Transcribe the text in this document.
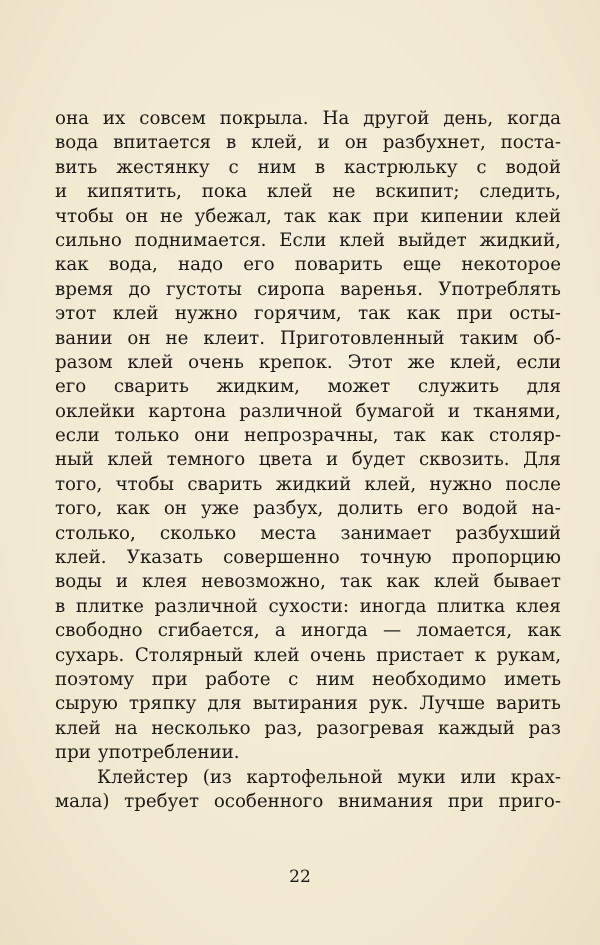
она их совсем покрыла. На другой день, когда
вода впитается в клей, и он разбухнет, поста-
вить жестянку с ним в кастрюльку с водой
и кипятить, пока клей не вскипит; следить,
чтобы он не убежал, так как при кипении клей
сильно поднимается. Если клей выйдет жидкий,
как вода, надо его поварить еще некоторое
время до густоты сиропа варенья. Употреблять
этот клей нужно горячим, так как при осты-
вании он не клеит. Приготовленный таким об-
разом клей очень крепок. Этот же клей, если
его сварить жидким, может служить для
оклейки картона различной бумагой и тканями,
если только они непрозрачны, так как столяр-
ный клей темного цвета и будет сквозить. Для
того, чтобы сварить жидкий клей, нужно после
того, как он уже разбух, долить его водой на-
столько, сколько места занимает разбухший
клей. Указать совершенно точную пропорцию
воды и клея невозможно, так как клей бывает
в плитке различной сухости: иногда плитка клея
свободно сгибается, а иногда — ломается, как
сухарь. Столярный клей очень пристает к рукам,
поэтому при работе с ним необходимо иметь
сырую тряпку для вытирания рук. Лучше варить
клей на несколько раз, разогревая каждый раз
при употреблении.
Клейстер (из картофельной муки или крах-
мала) требует особенного внимания при приго-
22
